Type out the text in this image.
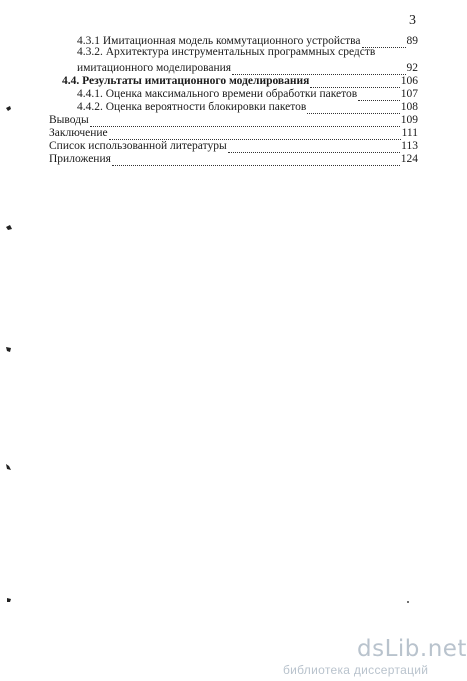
3
4.3.1 Имитационная модель коммутационного устройства	89
4.3.2. Архитектура инструментальных программных средств
имитационного моделирования	92
4.4. Результаты имитационного моделирования	106
4.4.1. Оценка максимального времени обработки пакетов	107
4.4.2. Оценка вероятности блокировки пакетов	108
Выводы	109
Заключение	111
Список использованной литературы	113
Приложения	124
dsLib.net
библиотека диссертаций
